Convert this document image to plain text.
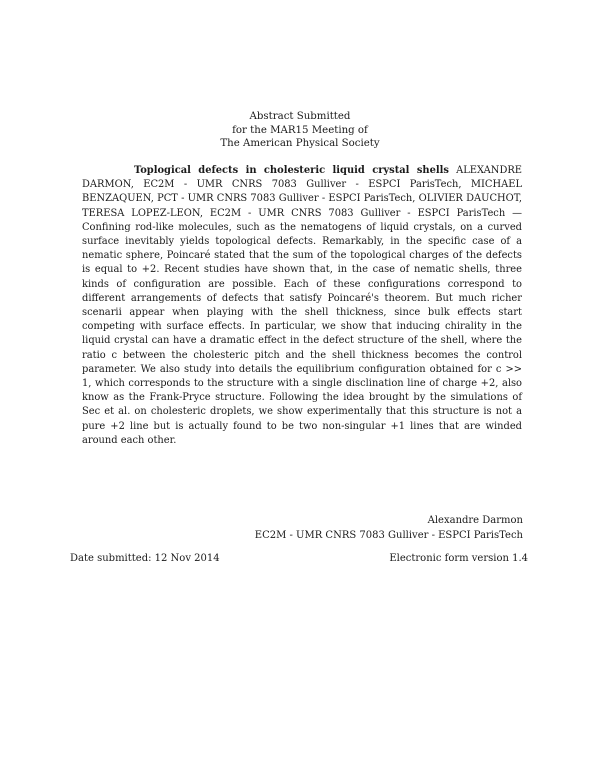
Abstract Submitted
for the MAR15 Meeting of
The American Physical Society
Toplogical defects in cholesteric liquid crystal shells ALEXANDRE DARMON, EC2M - UMR CNRS 7083 Gulliver - ESPCI ParisTech, MICHAEL BENZAQUEN, PCT - UMR CNRS 7083 Gulliver - ESPCI ParisTech, OLIVIER DAUCHOT, TERESA LOPEZ-LEON, EC2M - UMR CNRS 7083 Gulliver - ESPCI ParisTech — Confining rod-like molecules, such as the nematogens of liquid crystals, on a curved surface inevitably yields topological defects. Remarkably, in the specific case of a nematic sphere, Poincaré stated that the sum of the topological charges of the defects is equal to +2. Recent studies have shown that, in the case of nematic shells, three kinds of configuration are possible. Each of these configurations correspond to different arrangements of defects that satisfy Poincaré's theorem. But much richer scenarii appear when playing with the shell thickness, since bulk effects start competing with surface effects. In particular, we show that inducing chirality in the liquid crystal can have a dramatic effect in the defect structure of the shell, where the ratio c between the cholesteric pitch and the shell thickness becomes the control parameter. We also study into details the equilibrium configuration obtained for c >> 1, which corresponds to the structure with a single disclination line of charge +2, also know as the Frank-Pryce structure. Following the idea brought by the simulations of Sec et al. on cholesteric droplets, we show experimentally that this structure is not a pure +2 line but is actually found to be two non-singular +1 lines that are winded around each other.
Alexandre Darmon
EC2M - UMR CNRS 7083 Gulliver - ESPCI ParisTech
Date submitted: 12 Nov 2014	Electronic form version 1.4
